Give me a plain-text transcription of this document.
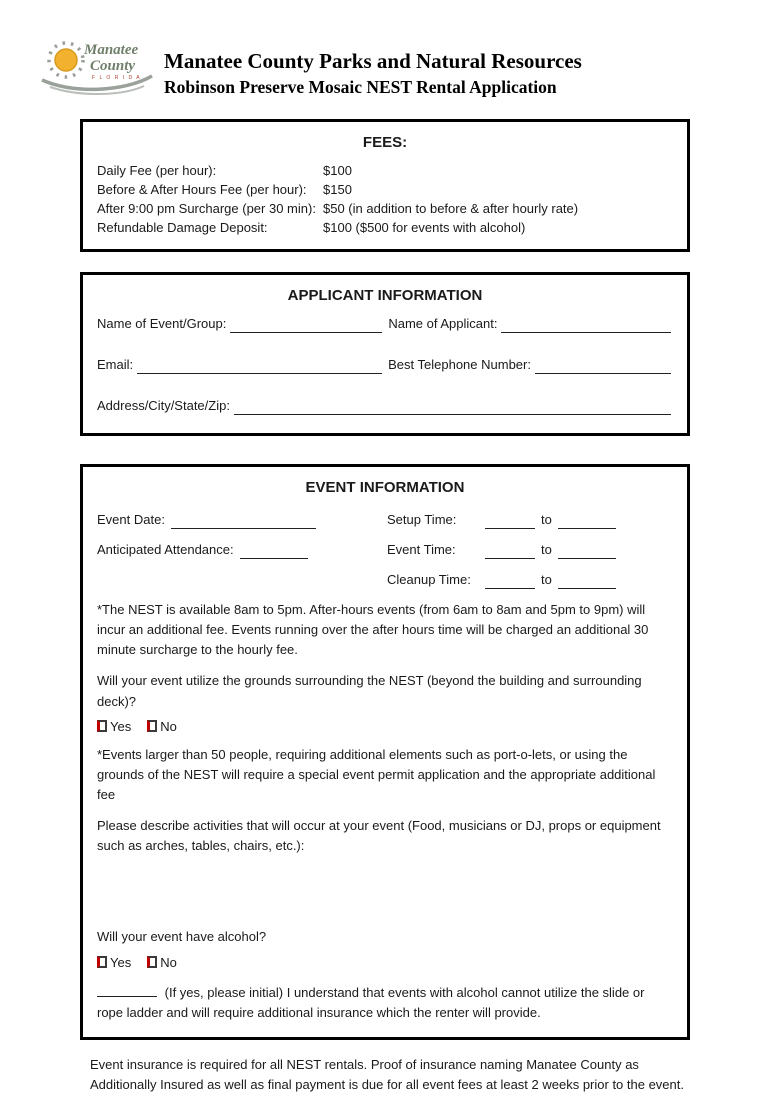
Manatee
County
F L O R I D A
Manatee County Parks and Natural Resources
Robinson Preserve Mosaic NEST Rental Application
FEES:
Daily Fee (per hour):	$100
Before & After Hours Fee (per hour):	$150
After 9:00 pm Surcharge (per 30 min): $50 (in addition to before & after hourly rate)
Refundable Damage Deposit:	$100 ($500 for events with alcohol)
APPLICANT INFORMATION
Name of Event/Group:	Name of Applicant:
Email:	Best Telephone Number:
Address/City/State/Zip:
EVENT INFORMATION
Event Date:
Anticipated Attendance:
Setup Time:	to
Event Time:	to
Cleanup Time:	to

*The NEST is available 8am to 5pm. After-hours events (from 6am to 8am and 5pm to 9pm) will incur an additional fee. Events running over the after hours time will be charged an additional 30 minute surcharge to the hourly fee.

Will your event utilize the grounds surrounding the NEST (beyond the building and surrounding deck)?

Yes No

*Events larger than 50 people, requiring additional elements such as port-o-lets, or using the grounds of the NEST will require a special event permit application and the appropriate additional fee

Please describe activities that will occur at your event (Food, musicians or DJ, props or equipment such as arches, tables, chairs, etc.):

Will your event have alcohol?

Yes No

(If yes, please initial) I understand that events with alcohol cannot utilize the slide or rope ladder and will require additional insurance which the renter will provide.

Event insurance is required for all NEST rentals. Proof of insurance naming Manatee County as Additionally Insured as well as final payment is due for all event fees at least 2 weeks prior to the event.
